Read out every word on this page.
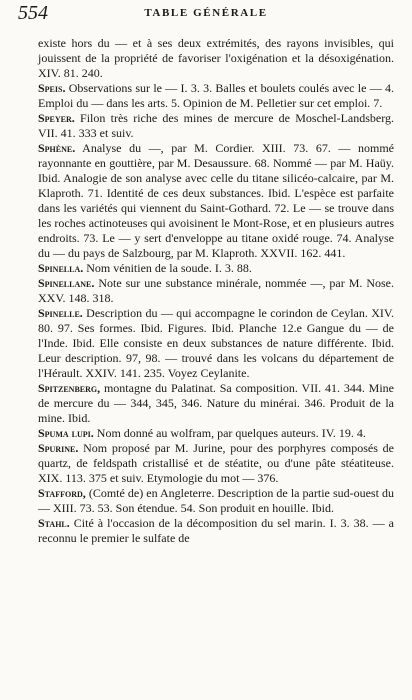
554	TABLE GÉNÉRALE

existe hors du — et à ses deux extrémités, des rayons invisibles, qui jouissent de la propriété de favoriser l'oxigénation et la désoxigénation. XIV. 81. 240.

Speis. Observations sur le — I. 3. 3. Balles et boulets coulés avec le — 4. Emploi du — dans les arts. 5. Opinion de M. Pelletier sur cet emploi. 7.

Speyer. Filon très riche des mines de mercure de Moschel-Landsberg. VII. 41. 333 et suiv.

Sphène. Analyse du —, par M. Cordier. XIII. 73. 67. — nommé rayonnante en gouttière, par M. Desaussure. 68. Nommé — par M. Haüy. Ibid. Analogie de son analyse avec celle du titane silicéo-calcaire, par M. Klaproth. 71. Identité de ces deux substances. Ibid. L'espèce est parfaite dans les variétés qui viennent du Saint-Gothard. 72. Le — se trouve dans les roches actinoteuses qui avoisinent le Mont-Rose, et en plusieurs autres endroits. 73. Le — y sert d'enveloppe au titane oxidé rouge. 74. Analyse du — du pays de Salzbourg, par M. Klaproth. XXVII. 162. 441.

Spinella. Nom vénitien de la soude. I. 3. 88.

Spinellane. Note sur une substance minérale, nommée —, par M. Nose. XXV. 148. 318.

Spinelle. Description du — qui accompagne le corindon de Ceylan. XIV. 80. 97. Ses formes. Ibid. Figures. Ibid. Planche 12.e Gangue du — de l'Inde. Ibid. Elle consiste en deux substances de nature différente. Ibid. Leur description. 97, 98. — trouvé dans les volcans du département de l'Hérault. XXIV. 141. 235. Voyez Ceylanite.

Spitzenberg, montagne du Palatinat. Sa composition. VII. 41. 344. Mine de mercure du — 344, 345, 346. Nature du minérai. 346. Produit de la mine. Ibid.

Spuma lupi. Nom donné au wolfram, par quelques auteurs. IV. 19. 4.

Spurine. Nom proposé par M. Jurine, pour des porphyres composés de quartz, de feldspath cristallisé et de stéatite, ou d'une pâte stéatiteuse. XIX. 113. 375 et suiv. Etymologie du mot — 376.

Stafford, (Comté de) en Angleterre. Description de la partie sud-ouest du — XIII. 73. 53. Son étendue. 54. Son produit en houille. Ibid.

Stahl. Cité à l'occasion de la décomposition du sel marin. I. 3. 38. — a reconnu le premier le sulfate de
